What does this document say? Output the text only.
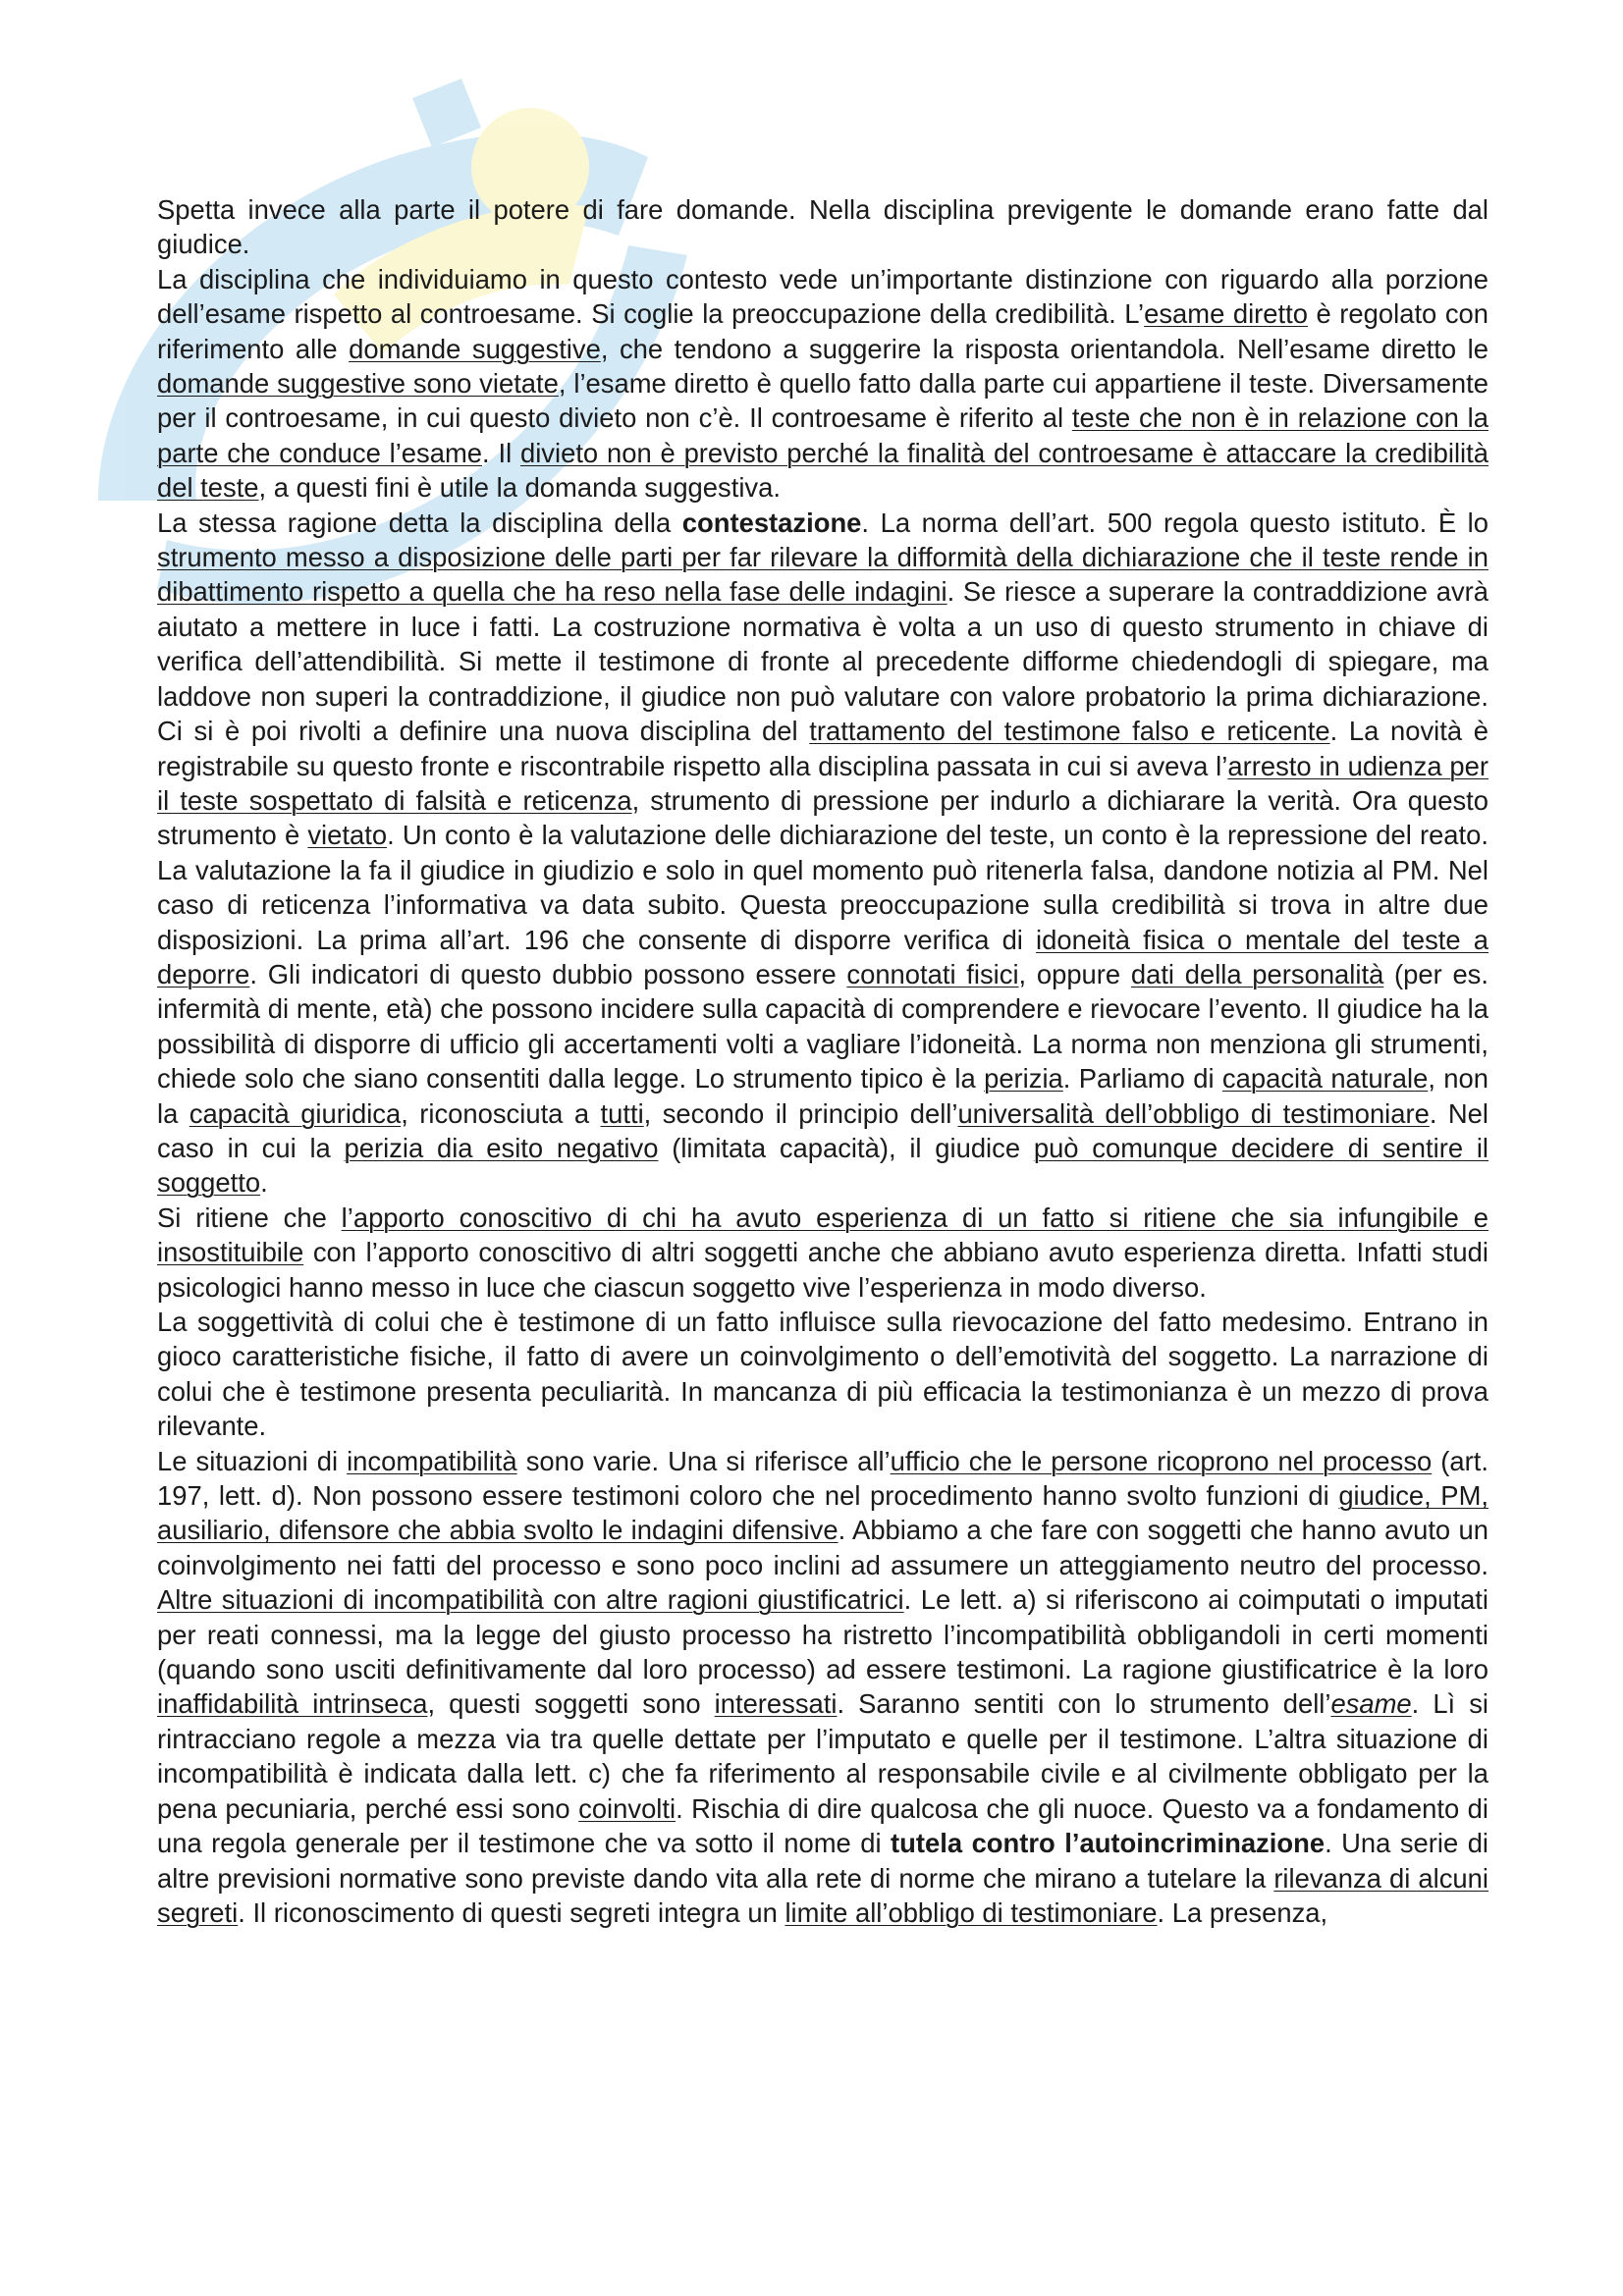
Spetta invece alla parte il potere di fare domande. Nella disciplina previgente le domande erano fatte dal giudice.

La disciplina che individuiamo in questo contesto vede un’importante distinzione con riguardo alla porzione dell’esame rispetto al controesame. Si coglie la preoccupazione della credibilità. L’esame diretto è regolato con riferimento alle domande suggestive, che tendono a suggerire la risposta orientandola. Nell’esame diretto le domande suggestive sono vietate, l’esame diretto è quello fatto dalla parte cui appartiene il teste. Diversamente per il controesame, in cui questo divieto non c’è. Il controesame è riferito al teste che non è in relazione con la parte che conduce l’esame. Il divieto non è previsto perché la finalità del controesame è attaccare la credibilità del teste, a questi fini è utile la domanda suggestiva.

La stessa ragione detta la disciplina della contestazione. La norma dell’art. 500 regola questo istituto. È lo strumento messo a disposizione delle parti per far rilevare la difformità della dichiarazione che il teste rende in dibattimento rispetto a quella che ha reso nella fase delle indagini. Se riesce a superare la contraddizione avrà aiutato a mettere in luce i fatti. La costruzione normativa è volta a un uso di questo strumento in chiave di verifica dell’attendibilità. Si mette il testimone di fronte al precedente difforme chiedendogli di spiegare, ma laddove non superi la contraddizione, il giudice non può valutare con valore probatorio la prima dichiarazione. Ci si è poi rivolti a definire una nuova disciplina del trattamento del testimone falso e reticente. La novità è registrabile su questo fronte e riscontrabile rispetto alla disciplina passata in cui si aveva l’arresto in udienza per il teste sospettato di falsità e reticenza, strumento di pressione per indurlo a dichiarare la verità. Ora questo strumento è vietato. Un conto è la valutazione delle dichiarazione del teste, un conto è la repressione del reato. La valutazione la fa il giudice in giudizio e solo in quel momento può ritenerla falsa, dandone notizia al PM. Nel caso di reticenza l’informativa va data subito. Questa preoccupazione sulla credibilità si trova in altre due disposizioni. La prima all’art. 196 che consente di disporre verifica di idoneità fisica o mentale del teste a deporre. Gli indicatori di questo dubbio possono essere connotati fisici, oppure dati della personalità (per es. infermità di mente, età) che possono incidere sulla capacità di comprendere e rievocare l’evento. Il giudice ha la possibilità di disporre di ufficio gli accertamenti volti a vagliare l’idoneità. La norma non menziona gli strumenti, chiede solo che siano consentiti dalla legge. Lo strumento tipico è la perizia. Parliamo di capacità naturale, non la capacità giuridica, riconosciuta a tutti, secondo il principio dell’universalità dell’obbligo di testimoniare. Nel caso in cui la perizia dia esito negativo (limitata capacità), il giudice può comunque decidere di sentire il soggetto.

Si ritiene che l’apporto conoscitivo di chi ha avuto esperienza di un fatto si ritiene che sia infungibile e insostituibile con l’apporto conoscitivo di altri soggetti anche che abbiano avuto esperienza diretta. Infatti studi psicologici hanno messo in luce che ciascun soggetto vive l’esperienza in modo diverso.

La soggettività di colui che è testimone di un fatto influisce sulla rievocazione del fatto medesimo. Entrano in gioco caratteristiche fisiche, il fatto di avere un coinvolgimento o dell’emotività del soggetto. La narrazione di colui che è testimone presenta peculiarità. In mancanza di più efficacia la testimonianza è un mezzo di prova rilevante.

Le situazioni di incompatibilità sono varie. Una si riferisce all’ufficio che le persone ricoprono nel processo (art. 197, lett. d). Non possono essere testimoni coloro che nel procedimento hanno svolto funzioni di giudice, PM, ausiliario, difensore che abbia svolto le indagini difensive. Abbiamo a che fare con soggetti che hanno avuto un coinvolgimento nei fatti del processo e sono poco inclini ad assumere un atteggiamento neutro del processo. Altre situazioni di incompatibilità con altre ragioni giustificatrici. Le lett. a) si riferiscono ai coimputati o imputati per reati connessi, ma la legge del giusto processo ha ristretto l’incompatibilità obbligandoli in certi momenti (quando sono usciti definitivamente dal loro processo) ad essere testimoni. La ragione giustificatrice è la loro inaffidabilità intrinseca, questi soggetti sono interessati. Saranno sentiti con lo strumento dell’esame. Lì si rintracciano regole a mezza via tra quelle dettate per l’imputato e quelle per il testimone. L’altra situazione di incompatibilità è indicata dalla lett. c) che fa riferimento al responsabile civile e al civilmente obbligato per la pena pecuniaria, perché essi sono coinvolti. Rischia di dire qualcosa che gli nuoce. Questo va a fondamento di una regola generale per il testimone che va sotto il nome di tutela contro l’autoincriminazione. Una serie di altre previsioni normative sono previste dando vita alla rete di norme che mirano a tutelare la rilevanza di alcuni segreti. Il riconoscimento di questi segreti integra un limite all’obbligo di testimoniare. La presenza,
